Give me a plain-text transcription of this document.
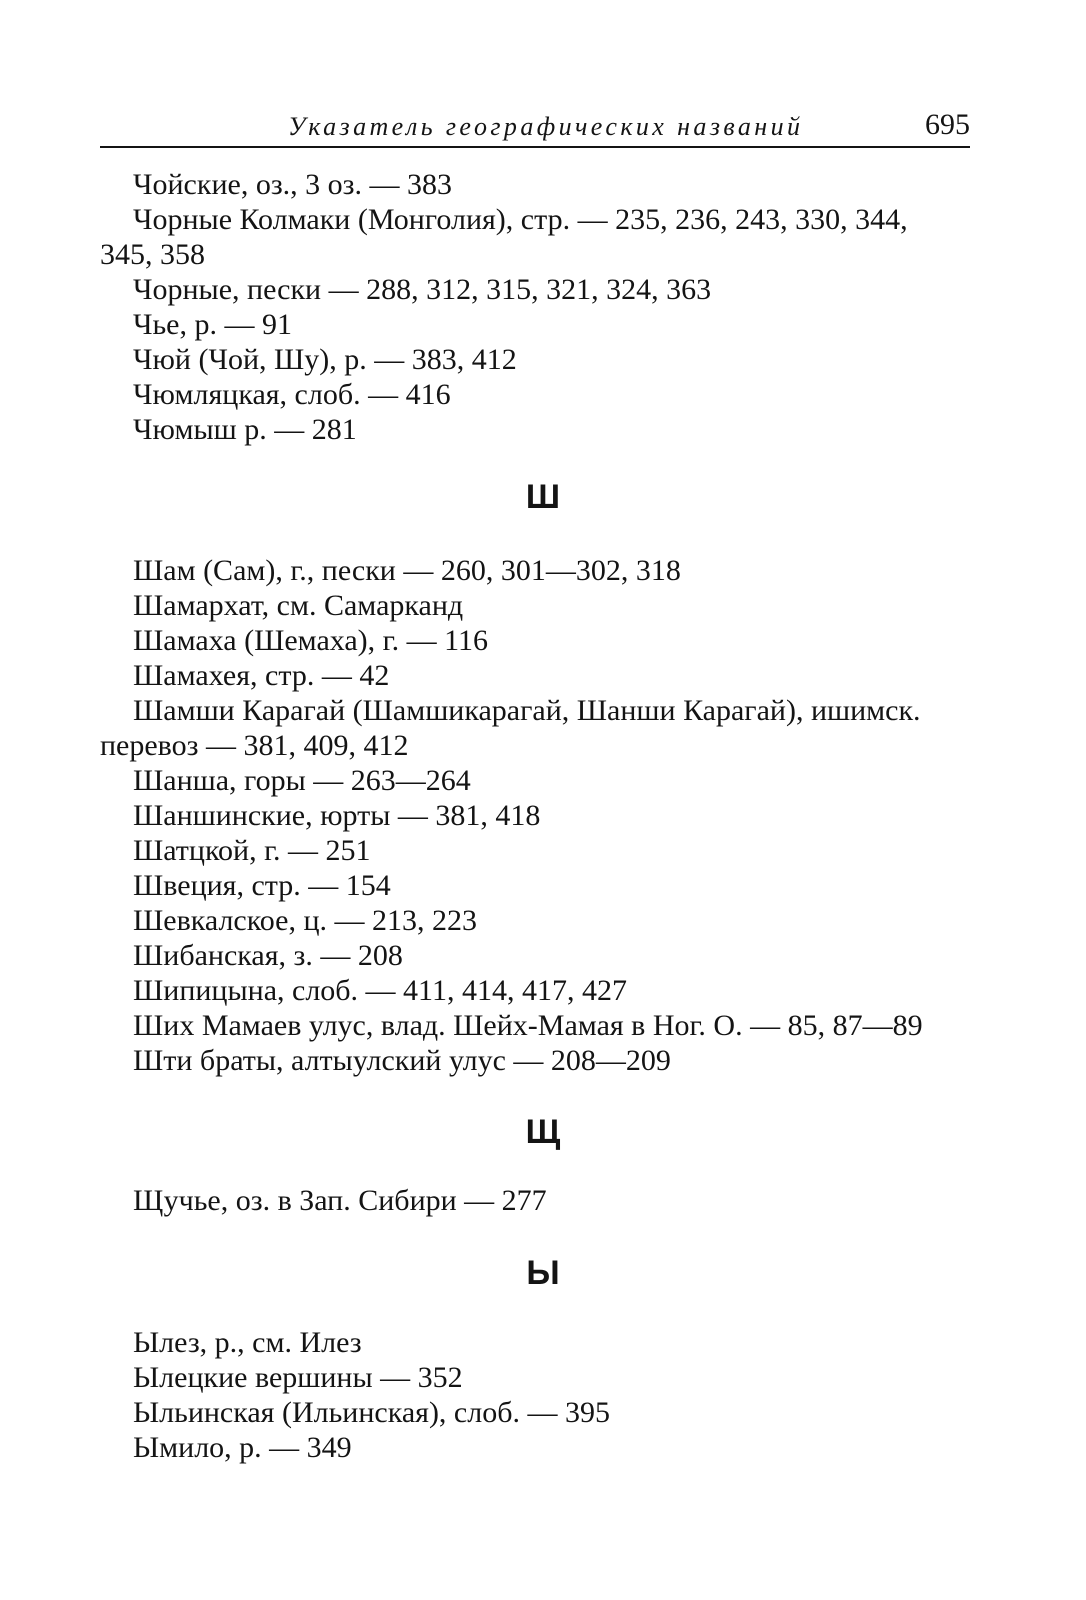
Указатель географических названий	695
Чойские, оз., 3 оз. — 383
Чорные Колмаки (Монголия), стр. — 235, 236, 243, 330, 344,
345, 358
Чорные, пески — 288, 312, 315, 321, 324, 363
Чье, р. — 91
Чюй (Чой, Шу), р. — 383, 412
Чюмляцкая, слоб. — 416
Чюмыш р. — 281
Ш
Шам (Сам), г., пески — 260, 301—302, 318
Шамархат, см. Самарканд
Шамаха (Шемаха), г. — 116
Шамахея, стр. — 42
Шамши Карагай (Шамшикарагай, Шанши Карагай), ишимск.
перевоз — 381, 409, 412
Шанша, горы — 263—264
Шаншинские, юрты — 381, 418
Шатцкой, г. — 251
Швеция, стр. — 154
Шевкалское, ц. — 213, 223
Шибанская, з. — 208
Шипицына, слоб. — 411, 414, 417, 427
Ших Мамаев улус, влад. Шейх-Мамая в Ног. О. — 85, 87—89
Шти браты, алтыулский улус — 208—209
Щ
Щучье, оз. в Зап. Сибири — 277
Ы
Ылез, р., см. Илез
Ылецкие вершины — 352
Ыльинская (Ильинская), слоб. — 395
Ымило, р. — 349
